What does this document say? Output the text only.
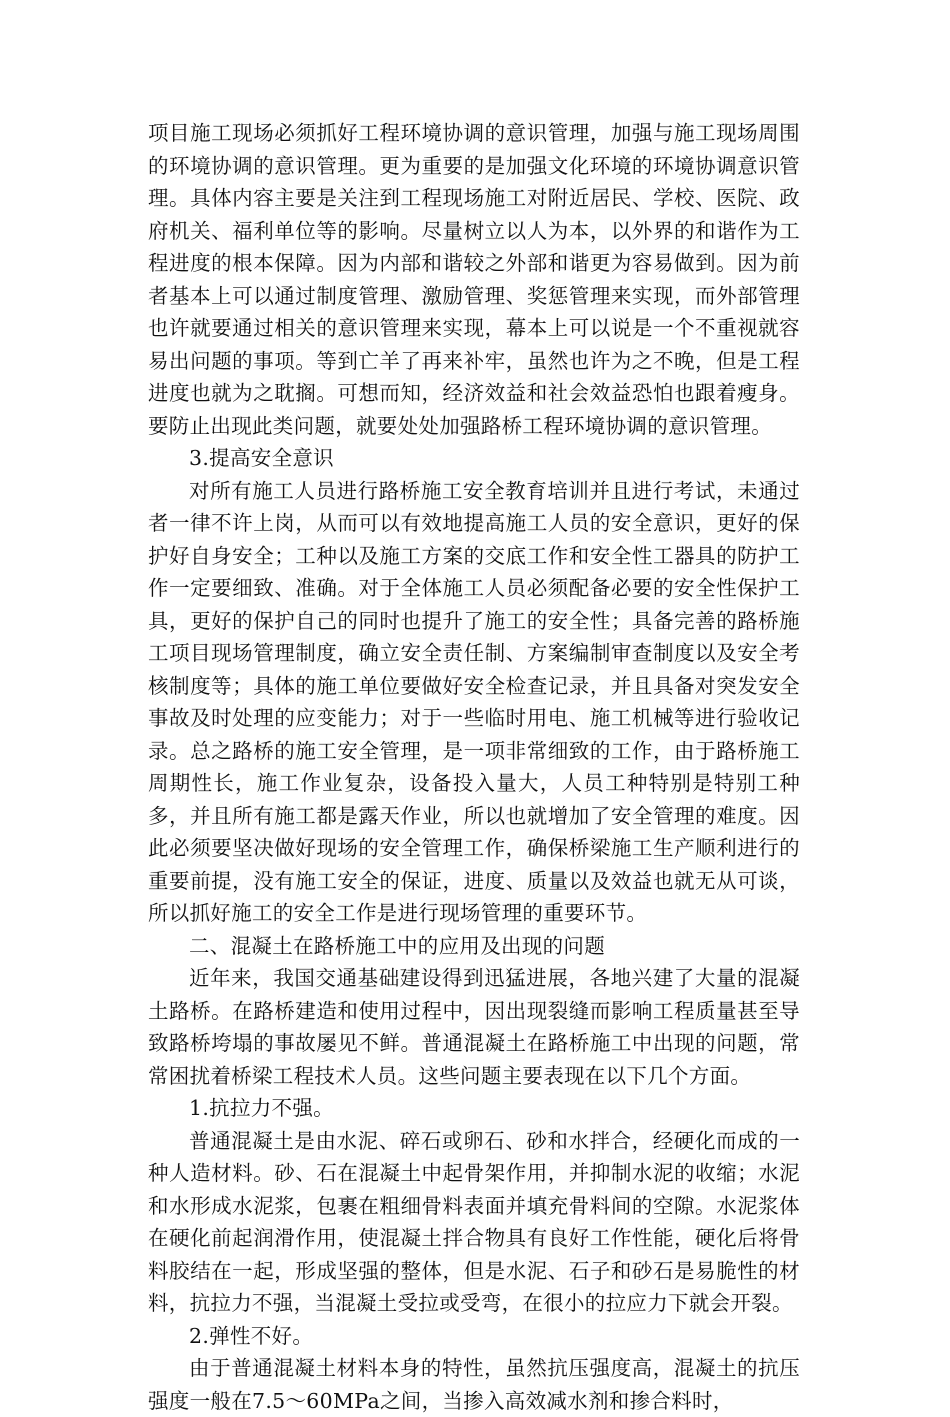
项目施工现场必须抓好工程环境协调的意识管理，加强与施工现场周围的环境协调的意识管理。更为重要的是加强文化环境的环境协调意识管理。具体内容主要是关注到工程现场施工对附近居民、学校、医院、政府机关、福利单位等的影响。尽量树立以人为本，以外界的和谐作为工程进度的根本保障。因为内部和谐较之外部和谐更为容易做到。因为前者基本上可以通过制度管理、激励管理、奖惩管理来实现，而外部管理也许就要通过相关的意识管理来实现，幕本上可以说是一个不重视就容易出问题的事项。等到亡羊了再来补牢，虽然也许为之不晚，但是工程进度也就为之耽搁。可想而知，经济效益和社会效益恐怕也跟着瘦身。要防止出现此类问题，就要处处加强路桥工程环境协调的意识管理。

3.提高安全意识

对所有施工人员进行路桥施工安全教育培训并且进行考试，未通过者一律不许上岗，从而可以有效地提高施工人员的安全意识，更好的保护好自身安全；工种以及施工方案的交底工作和安全性工器具的防护工作一定要细致、准确。对于全体施工人员必须配备必要的安全性保护工具，更好的保护自己的同时也提升了施工的安全性；具备完善的路桥施工项目现场管理制度，确立安全责任制、方案编制审查制度以及安全考核制度等；具体的施工单位要做好安全检查记录，并且具备对突发安全事故及时处理的应变能力；对于一些临时用电、施工机械等进行验收记录。总之路桥的施工安全管理，是一项非常细致的工作，由于路桥施工周期性长，施工作业复杂，设备投入量大，人员工种特别是特别工种多，并且所有施工都是露天作业，所以也就增加了安全管理的难度。因此必须要坚决做好现场的安全管理工作，确保桥梁施工生产顺利进行的重要前提，没有施工安全的保证，进度、质量以及效益也就无从可谈，所以抓好施工的安全工作是进行现场管理的重要环节。

二、混凝土在路桥施工中的应用及出现的问题

近年来，我国交通基础建设得到迅猛进展，各地兴建了大量的混凝土路桥。在路桥建造和使用过程中，因出现裂缝而影响工程质量甚至导致路桥垮塌的事故屡见不鲜。普通混凝土在路桥施工中出现的问题，常常困扰着桥梁工程技术人员。这些问题主要表现在以下几个方面。

1.抗拉力不强。

普通混凝土是由水泥、碎石或卵石、砂和水拌合，经硬化而成的一种人造材料。砂、石在混凝土中起骨架作用，并抑制水泥的收缩；水泥和水形成水泥浆，包裹在粗细骨料表面并填充骨料间的空隙。水泥浆体在硬化前起润滑作用，使混凝土拌合物具有良好工作性能，硬化后将骨料胶结在一起，形成坚强的整体，但是水泥、石子和砂石是易脆性的材料，抗拉力不强，当混凝土受拉或受弯，在很小的拉应力下就会开裂。

2.弹性不好。

由于普通混凝土材料本身的特性，虽然抗压强度高，混凝土的抗压强度一般在7.5～60MPa之间，当掺入高效减水剂和掺合料时，
